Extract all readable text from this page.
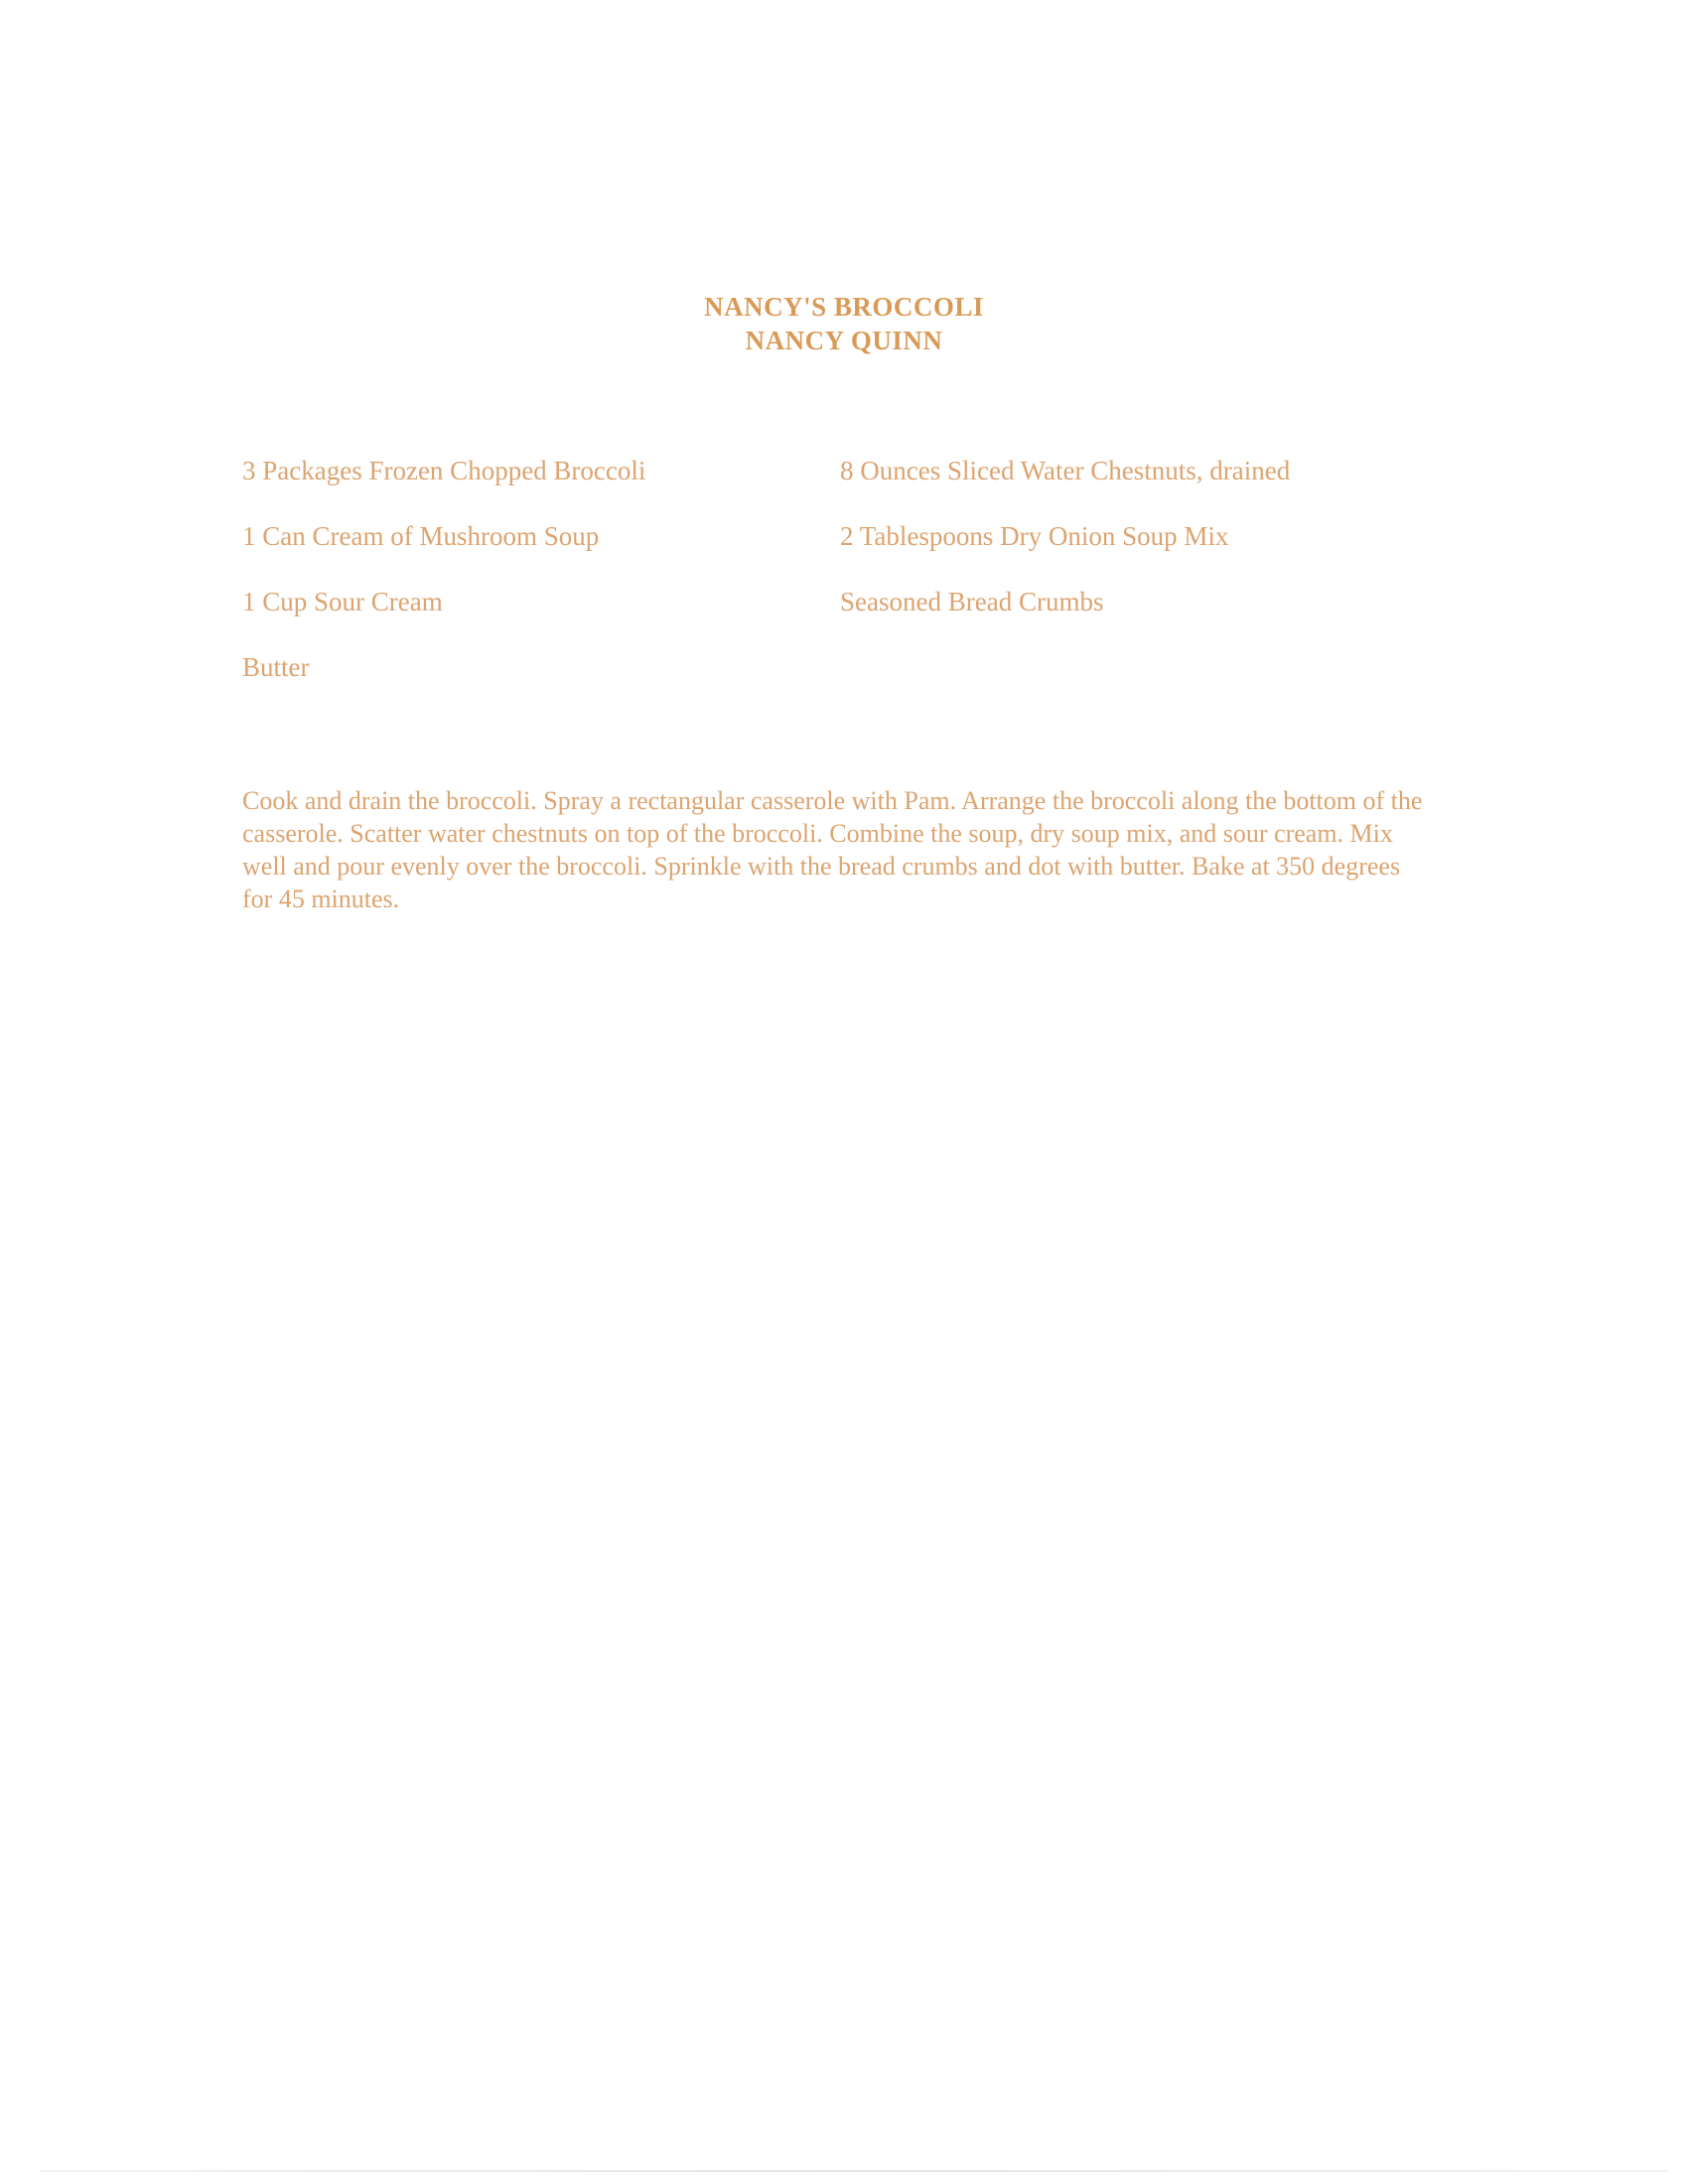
NANCY'S BROCCOLI
NANCY QUINN
3 Packages Frozen Chopped Broccoli
1 Can Cream of Mushroom Soup
1 Cup Sour Cream
Butter
8 Ounces Sliced Water Chestnuts, drained
2 Tablespoons Dry Onion Soup Mix
Seasoned Bread Crumbs
Cook and drain the broccoli. Spray a rectangular casserole with Pam. Arrange the broccoli along the bottom of the casserole. Scatter water chestnuts on top of the broccoli. Combine the soup, dry soup mix, and sour cream. Mix well and pour evenly over the broccoli. Sprinkle with the bread crumbs and dot with butter. Bake at 350 degrees for 45 minutes.
